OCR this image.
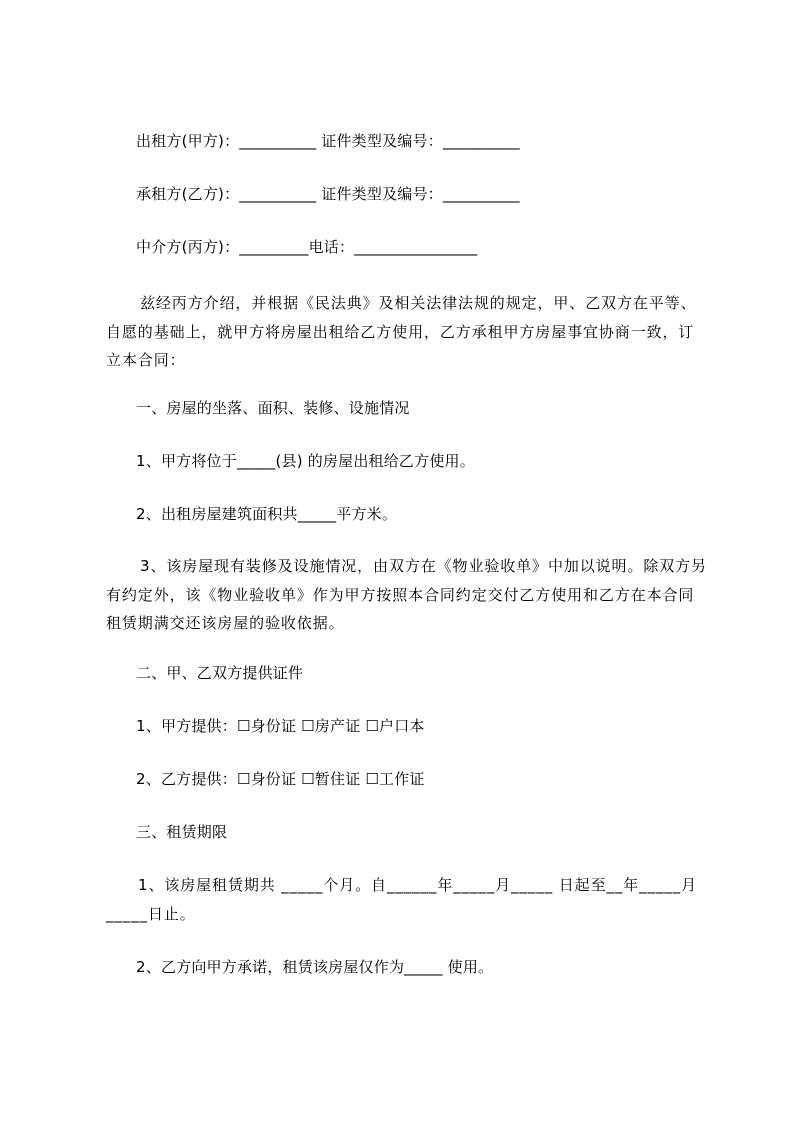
出租方(甲方)：__________ 证件类型及编号：__________
承租方(乙方)：__________ 证件类型及编号：__________
中介方(丙方)：_________电话：________________
兹经丙方介绍，并根据《民法典》及相关法律法规的规定，甲、乙双方在平等、
自愿的基础上，就甲方将房屋出租给乙方使用，乙方承租甲方房屋事宜协商一致，订
立本合同：
一、房屋的坐落、面积、装修、设施情况
1、甲方将位于_____(县) 的房屋出租给乙方使用。
2、出租房屋建筑面积共_____平方米。
3、该房屋现有装修及设施情况，由双方在《物业验收单》中加以说明。除双方另
有约定外，该《物业验收单》作为甲方按照本合同约定交付乙方使用和乙方在本合同
租赁期满交还该房屋的验收依据。
二、甲、乙双方提供证件
1、甲方提供：☐身份证 ☐房产证 ☐户口本
2、乙方提供：☐身份证 ☐暂住证 ☐工作证
三、租赁期限
1、该房屋租赁期共 _____个月。自______年_____月_____ 日起至__年_____月
_____日止。
2、乙方向甲方承诺，租赁该房屋仅作为_____ 使用。
